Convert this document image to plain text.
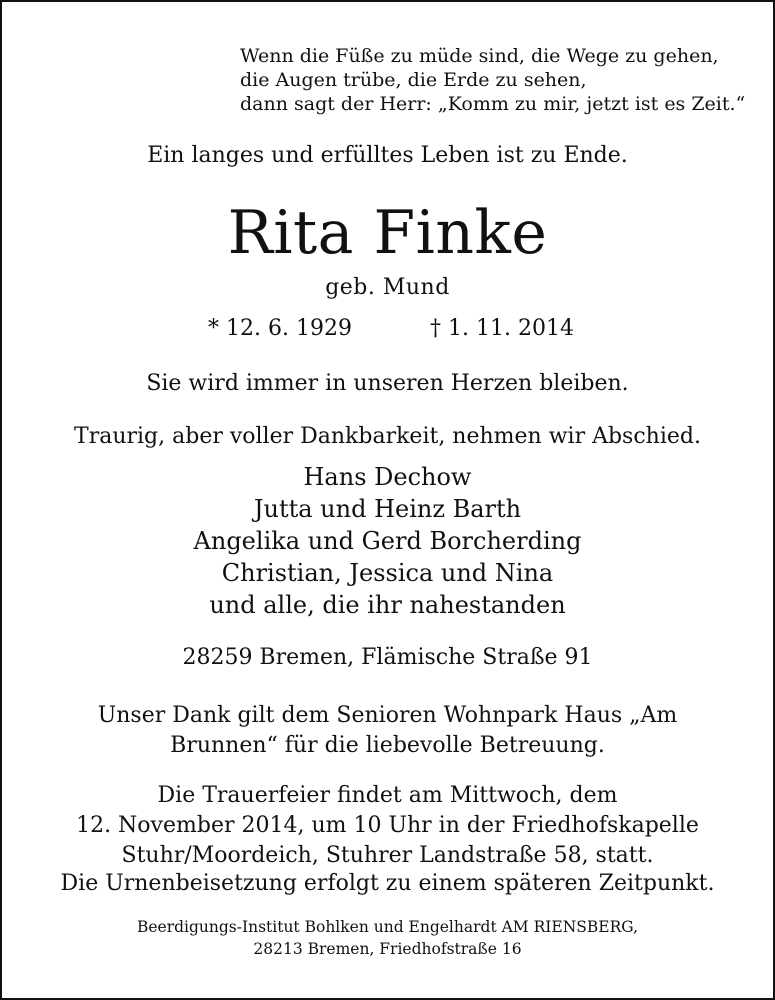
Wenn die Füße zu müde sind, die Wege zu gehen,
die Augen trübe, die Erde zu sehen,
dann sagt der Herr: „Komm zu mir, jetzt ist es Zeit.“
Ein langes und erfülltes Leben ist zu Ende.
Rita Finke
geb. Mund
* 12. 6. 1929	† 1. 11. 2014
Sie wird immer in unseren Herzen bleiben.
Traurig, aber voller Dankbarkeit, nehmen wir Abschied.
Hans Dechow
Jutta und Heinz Barth
Angelika und Gerd Borcherding
Christian, Jessica und Nina
und alle, die ihr nahestanden
28259 Bremen, Flämische Straße 91
Unser Dank gilt dem Senioren Wohnpark Haus „Am
Brunnen“ für die liebevolle Betreuung.
Die Trauerfeier findet am Mittwoch, dem
12. November 2014, um 10 Uhr in der Friedhofskapelle
Stuhr/Moordeich, Stuhrer Landstraße 58, statt.
Die Urnenbeisetzung erfolgt zu einem späteren Zeitpunkt.
Beerdigungs-Institut Bohlken und Engelhardt AM RIENSBERG,
28213 Bremen, Friedhofstraße 16
